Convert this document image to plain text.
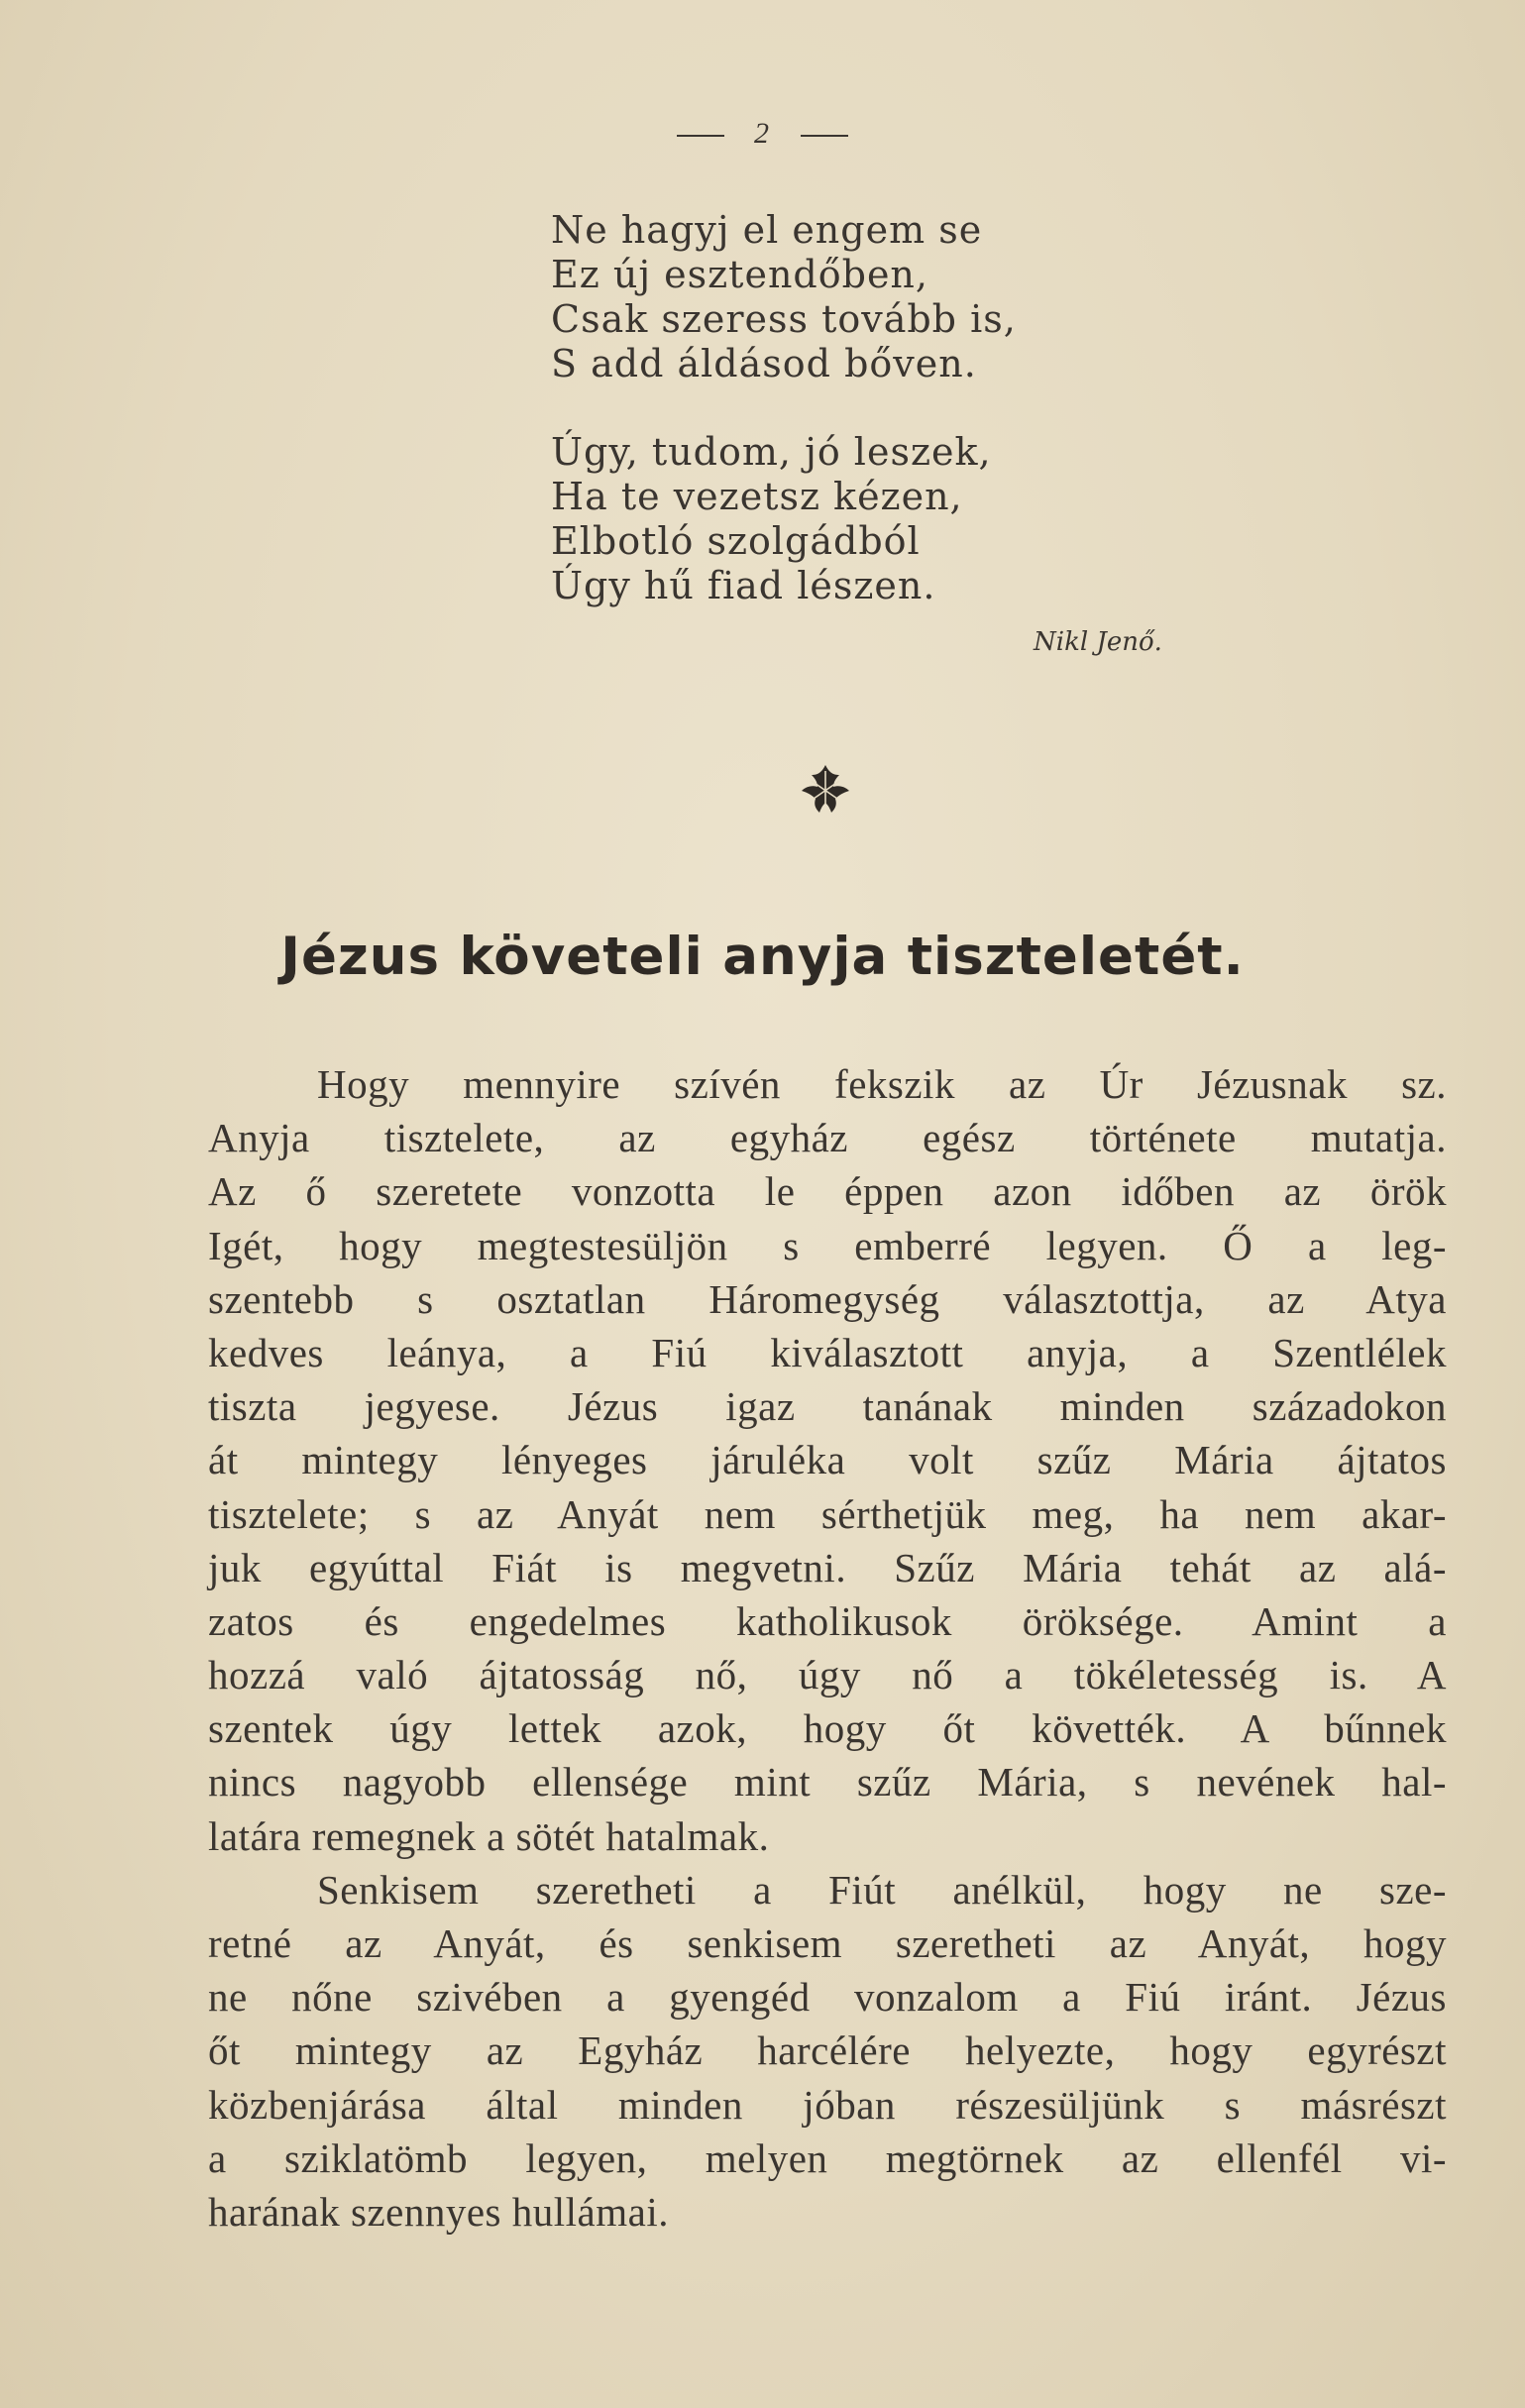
2
Ne hagyj el engem se
Ez új esztendőben,
Csak szeress tovább is,
S add áldásod bőven.
Úgy, tudom, jó leszek,
Ha te vezetsz kézen,
Elbotló szolgádból
Úgy hű fiad lészen.
Nikl Jenő.
Jézus követeli anyja tiszteletét.
Hogy mennyire szívén fekszik az Úr Jézusnak sz.
Anyja tisztelete, az egyház egész története mutatja.
Az ő szeretete vonzotta le éppen azon időben az örök
Igét, hogy megtestesüljön s emberré legyen. Ő a leg-
szentebb s osztatlan Háromegység választottja, az Atya
kedves leánya, a Fiú kiválasztott anyja, a Szentlélek
tiszta jegyese. Jézus igaz tanának minden századokon
át mintegy lényeges járuléka volt szűz Mária ájtatos
tisztelete; s az Anyát nem sérthetjük meg, ha nem akar-
juk egyúttal Fiát is megvetni. Szűz Mária tehát az alá-
zatos és engedelmes katholikusok öröksége. Amint a
hozzá való ájtatosság nő, úgy nő a tökéletesség is. A
szentek úgy lettek azok, hogy őt követték. A bűnnek
nincs nagyobb ellensége mint szűz Mária, s nevének hal-
latára remegnek a sötét hatalmak.
Senkisem szeretheti a Fiút anélkül, hogy ne sze-
retné az Anyát, és senkisem szeretheti az Anyát, hogy
ne nőne szivében a gyengéd vonzalom a Fiú iránt. Jézus
őt mintegy az Egyház harcélére helyezte, hogy egyrészt
közbenjárása által minden jóban részesüljünk s másrészt
a sziklatömb legyen, melyen megtörnek az ellenfél vi-
harának szennyes hullámai.
